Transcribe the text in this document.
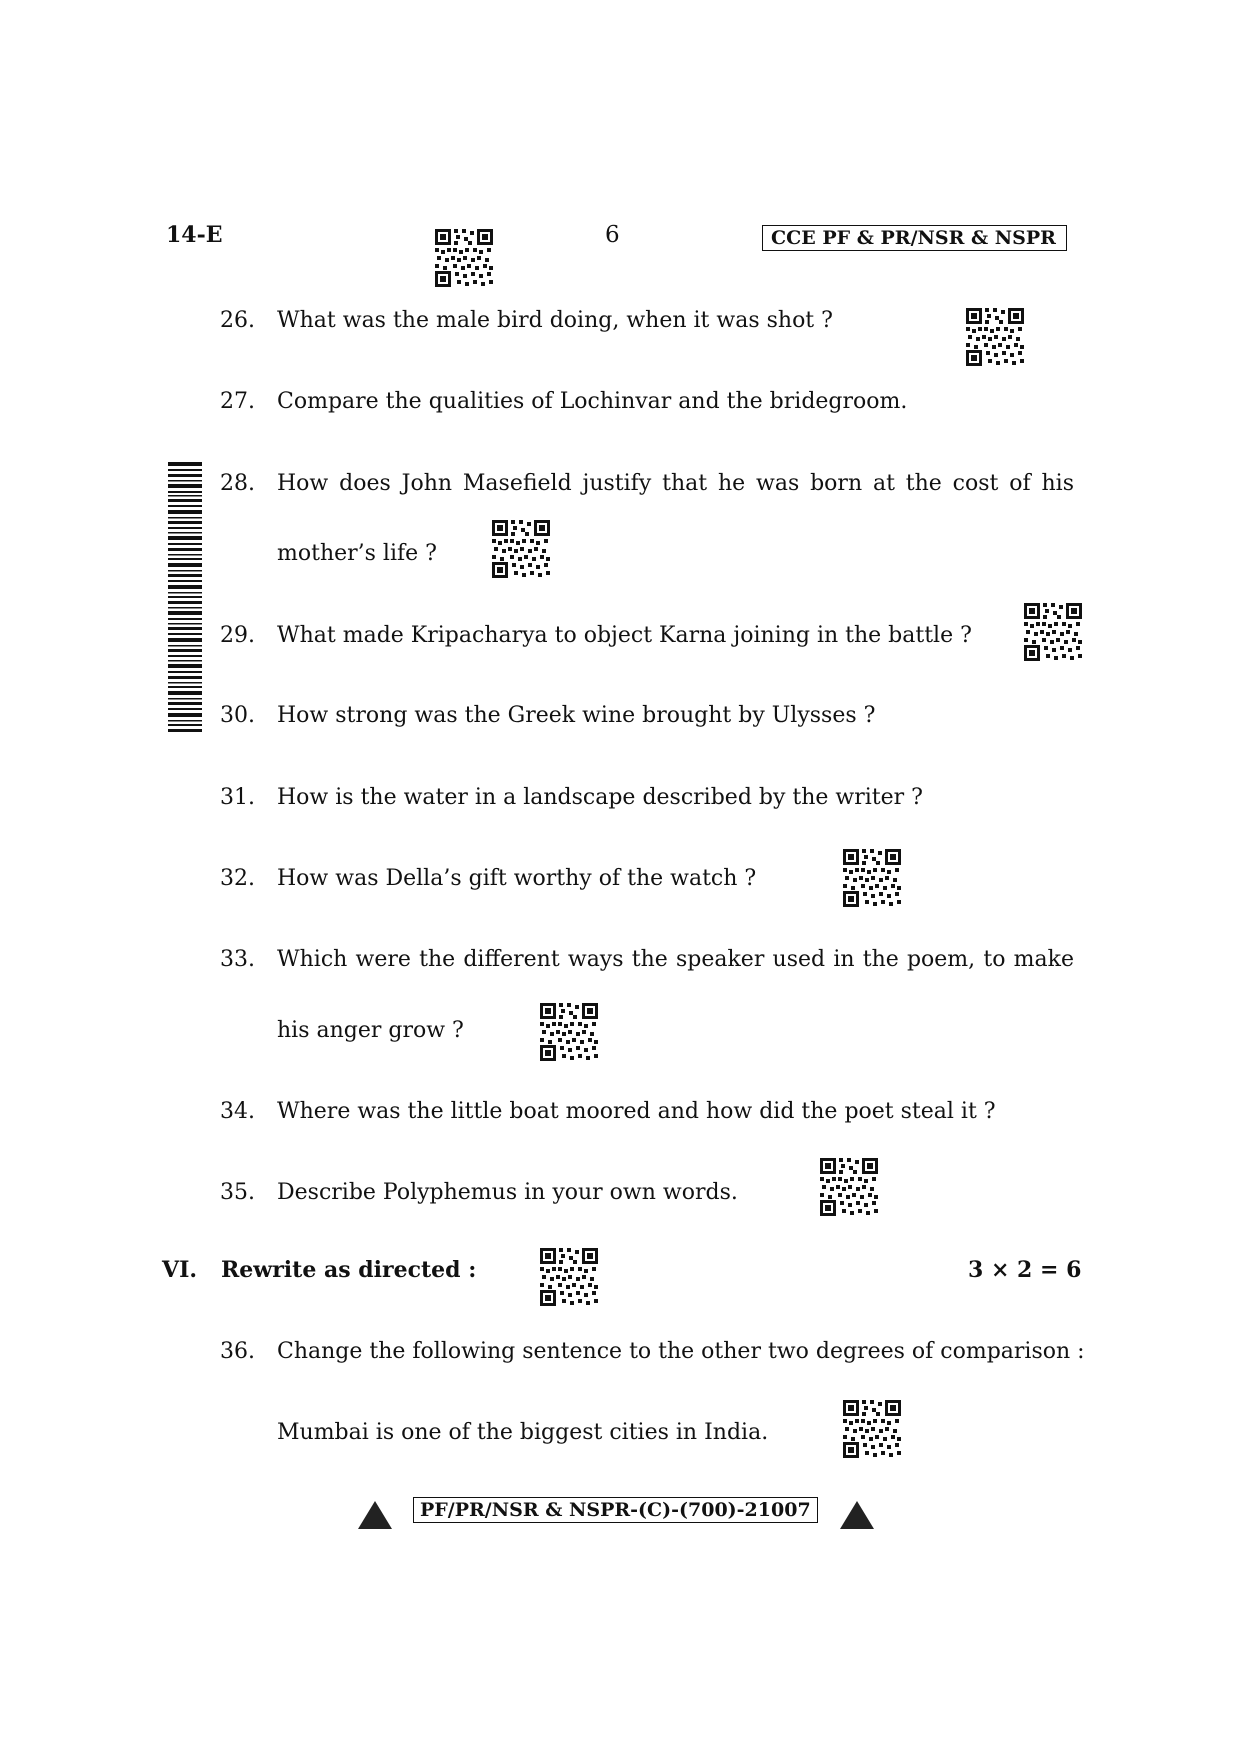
14-E	6	CCE PF & PR/NSR & NSPR
26. What was the male bird doing, when it was shot ?
27. Compare the qualities of Lochinvar and the bridegroom.
28. How does John Masefield justify that he was born at the cost of his
mother’s life ?
29. What made Kripacharya to object Karna joining in the battle ?
30. How strong was the Greek wine brought by Ulysses ?
31. How is the water in a landscape described by the writer ?
32. How was Della’s gift worthy of the watch ?
33. Which were the different ways the speaker used in the poem, to make
his anger grow ?
34. Where was the little boat moored and how did the poet steal it ?
35. Describe Polyphemus in your own words.
VI. Rewrite as directed :	3 × 2 = 6
36. Change the following sentence to the other two degrees of comparison :
Mumbai is one of the biggest cities in India.
PF/PR/NSR & NSPR-(C)-(700)-21007
